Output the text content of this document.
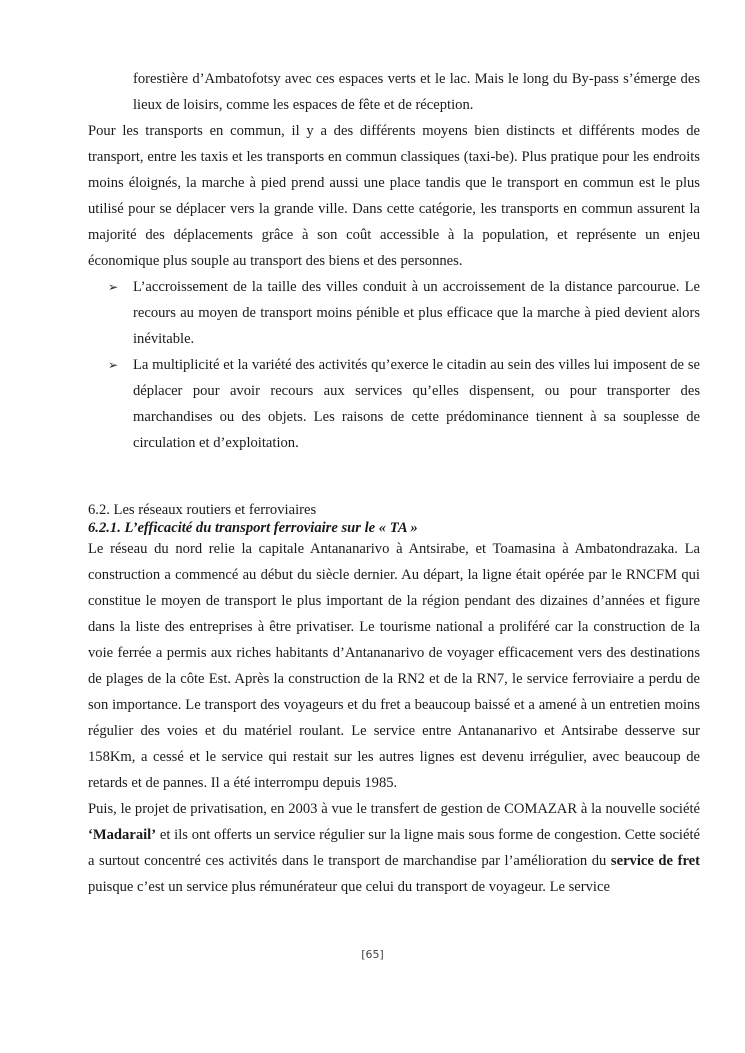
forestière d’Ambatofotsy avec ces espaces verts et le lac. Mais le long du By-pass s’émerge des lieux de loisirs, comme les espaces de fête et de réception.

Pour les transports en commun, il y a des différents moyens bien distincts et différents modes de transport, entre les taxis et les transports en commun classiques (taxi-be). Plus pratique pour les endroits moins éloignés, la marche à pied prend aussi une place tandis que le transport en commun est le plus utilisé pour se déplacer vers la grande ville. Dans cette catégorie, les transports en commun assurent la majorité des déplacements grâce à son coût accessible à la population, et représente un enjeu économique plus souple au transport des biens et des personnes.

➢ L’accroissement de la taille des villes conduit à un accroissement de la distance parcourue. Le recours au moyen de transport moins pénible et plus efficace que la marche à pied devient alors inévitable.
➢ La multiplicité et la variété des activités qu’exerce le citadin au sein des villes lui imposent de se déplacer pour avoir recours aux services qu’elles dispensent, ou pour transporter des marchandises ou des objets. Les raisons de cette prédominance tiennent à sa souplesse de circulation et d’exploitation.
6.2. Les réseaux routiers et ferroviaires
6.2.1. L’efficacité du transport ferroviaire sur le « TA »

Le réseau du nord relie la capitale Antananarivo à Antsirabe, et Toamasina à Ambatondrazaka. La construction a commencé au début du siècle dernier. Au départ, la ligne était opérée par le RNCFM qui constitue le moyen de transport le plus important de la région pendant des dizaines d’années et figure dans la liste des entreprises à être privatiser. Le tourisme national a proliféré car la construction de la voie ferrée a permis aux riches habitants d’Antananarivo de voyager efficacement vers des destinations de plages de la côte Est. Après la construction de la RN2 et de la RN7, le service ferroviaire a perdu de son importance. Le transport des voyageurs et du fret a beaucoup baissé et a amené à un entretien moins régulier des voies et du matériel roulant. Le service entre Antananarivo et Antsirabe desserve sur 158Km, a cessé et le service qui restait sur les autres lignes est devenu irrégulier, avec beaucoup de retards et de pannes. Il a été interrompu depuis 1985.

Puis, le projet de privatisation, en 2003 à vue le transfert de gestion de COMAZAR à la nouvelle société ‘Madarail’ et ils ont offerts un service régulier sur la ligne mais sous forme de congestion. Cette société a surtout concentré ces activités dans le transport de marchandise par l’amélioration du service de fret puisque c’est un service plus rémunérateur que celui du transport de voyageur. Le service

[65]
